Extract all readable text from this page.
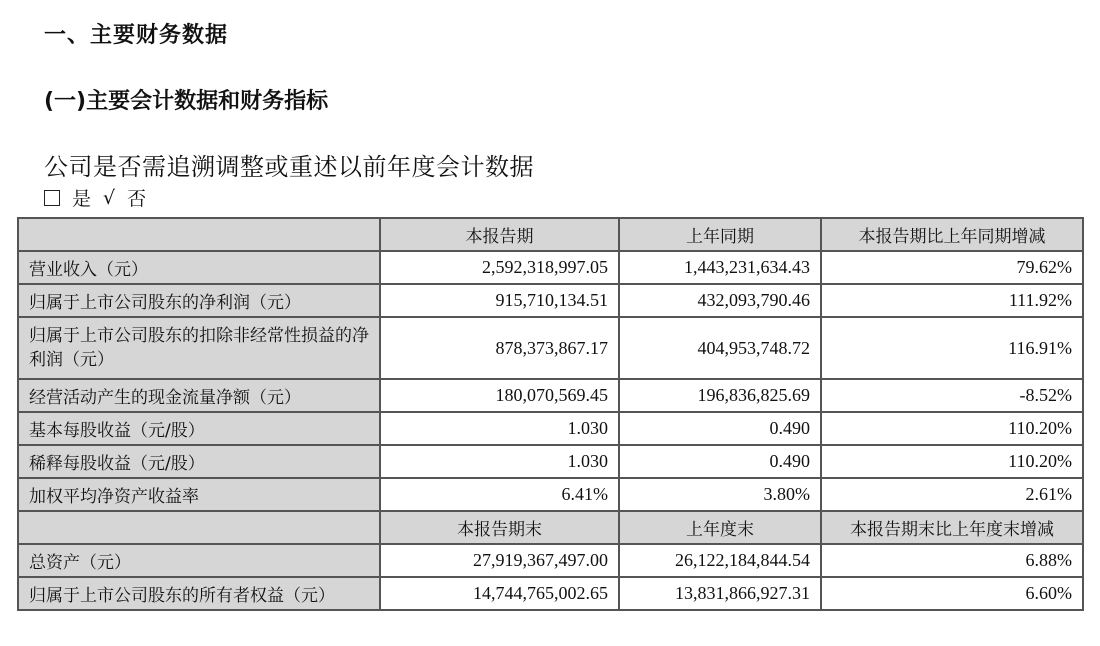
一、主要财务数据
(一)主要会计数据和财务指标
公司是否需追溯调整或重述以前年度会计数据
是 √ 否
	本报告期	上年同期	本报告期比上年同期增减
营业收入（元）	2,592,318,997.05	1,443,231,634.43	79.62%
归属于上市公司股东的净利润（元）	915,710,134.51	432,093,790.46	111.92%
归属于上市公司股东的扣除非经常性损益的净利润（元）	878,373,867.17	404,953,748.72	116.91%
经营活动产生的现金流量净额（元）	180,070,569.45	196,836,825.69	-8.52%
基本每股收益（元/股）	1.030	0.490	110.20%
稀释每股收益（元/股）	1.030	0.490	110.20%
加权平均净资产收益率	6.41%	3.80%	2.61%
	本报告期末	上年度末	本报告期末比上年度末增减
总资产（元）	27,919,367,497.00	26,122,184,844.54	6.88%
归属于上市公司股东的所有者权益（元）	14,744,765,002.65	13,831,866,927.31	6.60%
